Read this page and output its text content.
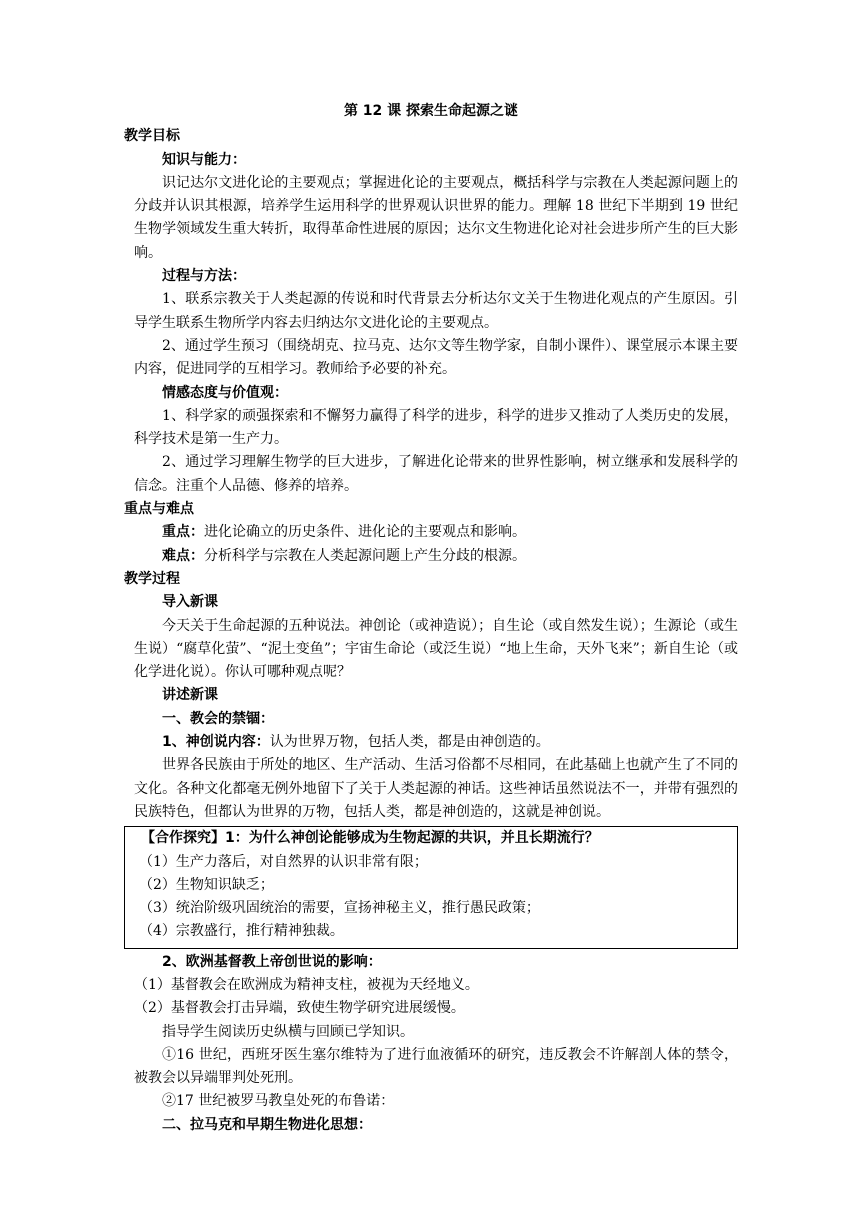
第 12 课 探索生命起源之谜
教学目标
知识与能力：
识记达尔文进化论的主要观点；掌握进化论的主要观点，概括科学与宗教在人类起源问题上的分歧并认识其根源，培养学生运用科学的世界观认识世界的能力。理解 18 世纪下半期到 19 世纪生物学领域发生重大转折，取得革命性进展的原因；达尔文生物进化论对社会进步所产生的巨大影响。
过程与方法：
1、联系宗教关于人类起源的传说和时代背景去分析达尔文关于生物进化观点的产生原因。引导学生联系生物所学内容去归纳达尔文进化论的主要观点。
2、通过学生预习（围绕胡克、拉马克、达尔文等生物学家，自制小课件）、课堂展示本课主要内容，促进同学的互相学习。教师给予必要的补充。
情感态度与价值观：
1、科学家的顽强探索和不懈努力赢得了科学的进步，科学的进步又推动了人类历史的发展，科学技术是第一生产力。
2、通过学习理解生物学的巨大进步，了解进化论带来的世界性影响，树立继承和发展科学的信念。注重个人品德、修养的培养。
重点与难点
重点：进化论确立的历史条件、进化论的主要观点和影响。
难点：分析科学与宗教在人类起源问题上产生分歧的根源。
教学过程
导入新课
今天关于生命起源的五种说法。神创论（或神造说）；自生论（或自然发生说）；生源论（或生生说）“腐草化萤”、“泥土变鱼”；宇宙生命论（或泛生说）“地上生命，天外飞来”；新自生论（或化学进化说）。你认可哪种观点呢？
讲述新课
一、教会的禁锢：
1、神创说内容：认为世界万物，包括人类，都是由神创造的。
世界各民族由于所处的地区、生产活动、生活习俗都不尽相同，在此基础上也就产生了不同的文化。各种文化都毫无例外地留下了关于人类起源的神话。这些神话虽然说法不一，并带有强烈的民族特色，但都认为世界的万物，包括人类，都是神创造的，这就是神创说。
【合作探究】1：为什么神创论能够成为生物起源的共识，并且长期流行？
（1）生产力落后，对自然界的认识非常有限；
（2）生物知识缺乏；
（3）统治阶级巩固统治的需要，宣扬神秘主义，推行愚民政策；
（4）宗教盛行，推行精神独裁。
2、欧洲基督教上帝创世说的影响：
（1）基督教会在欧洲成为精神支柱，被视为天经地义。
（2）基督教会打击异端，致使生物学研究进展缓慢。
指导学生阅读历史纵横与回顾已学知识。
①16 世纪，西班牙医生塞尔维特为了进行血液循环的研究，违反教会不许解剖人体的禁令，被教会以异端罪判处死刑。
②17 世纪被罗马教皇处死的布鲁诺：
二、拉马克和早期生物进化思想：
